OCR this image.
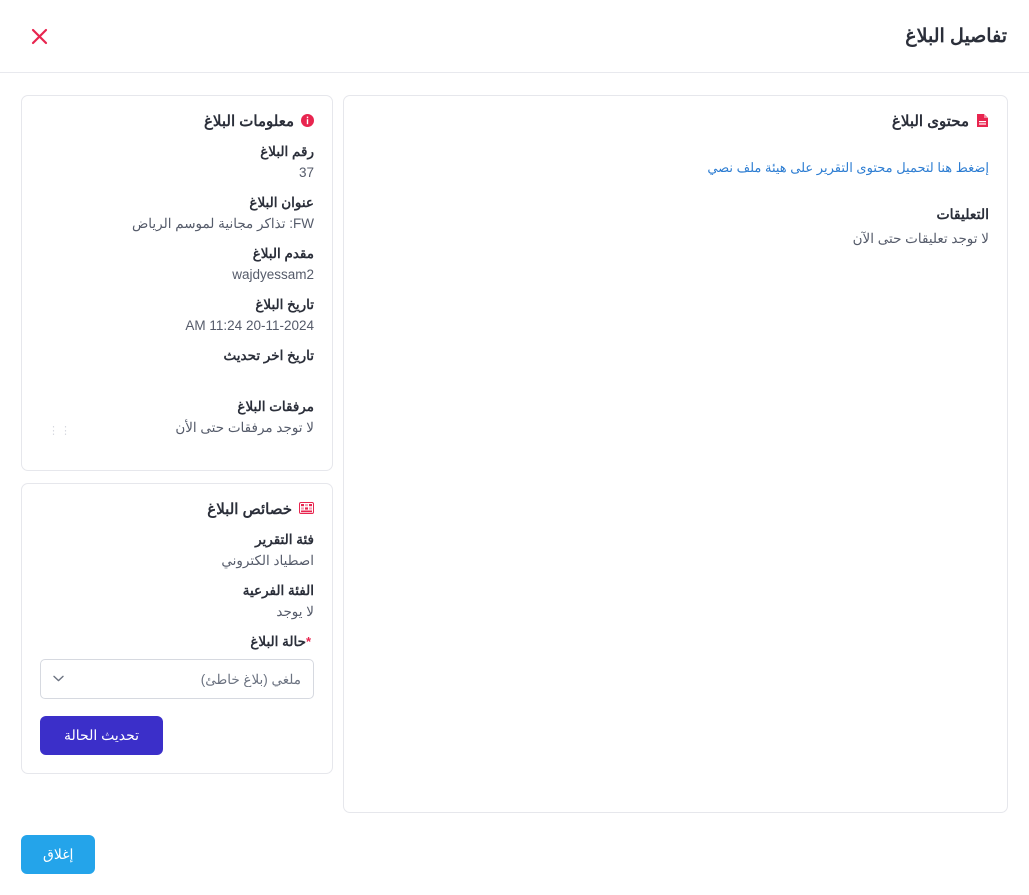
تفاصيل البلاغ
محتوى البلاغ
إضغط هنا لتحميل محتوى التقرير على هيئة ملف نصي
التعليقات
لا توجد تعليقات حتى الآن
معلومات البلاغ
رقم البلاغ
37
عنوان البلاغ
FW: تذاكر مجانية لموسم الرياض
مقدم البلاغ
wajdyessam2
تاريخ البلاغ
AM 11:24 20-11-2024
تاريخ اخر تحديث
مرفقات البلاغ
لا توجد مرفقات حتى الأن
⋮⋮
خصائص البلاغ
فئة التقرير
اصطياد الكتروني
الفئة الفرعية
لا يوجد
*حالة البلاغ
ملغي (بلاغ خاطئ)
تحديث الحالة
إغلاق
